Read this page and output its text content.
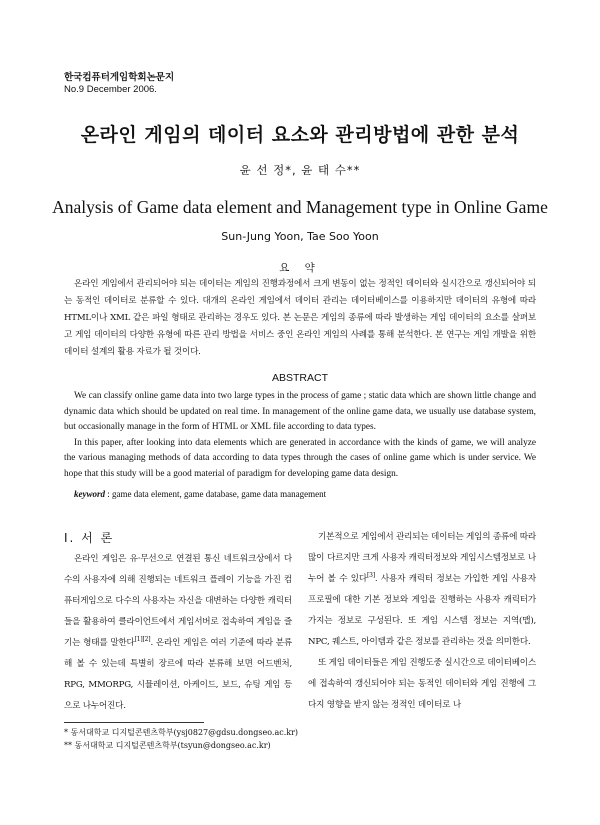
한국컴퓨터게임학회논문지
No.9 December 2006.
온라인 게임의 데이터 요소와 관리방법에 관한 분석
윤 선 정*, 윤 태 수**
Analysis of Game data element and Management type in Online Game
Sun-Jung Yoon, Tae Soo Yoon
요 약
온라인 게임에서 관리되어야 되는 데이터는 게임의 진행과정에서 크게 변동이 없는 정적인 데이터와 실시간으로 갱신되어야 되는 동적인 데이터로 분류할 수 있다. 대개의 온라인 게임에서 데이터 관리는 데이터베이스를 이용하지만 데이터의 유형에 따라 HTML이나 XML 같은 파일 형태로 관리하는 경우도 있다. 본 논문은 게임의 종류에 따라 발생하는 게임 데이터의 요소를 살펴보고 게임 데이터의 다양한 유형에 따른 관리 방법을 서비스 중인 온라인 게임의 사례를 통해 분석한다. 본 연구는 게임 개발을 위한 데이터 설계의 활용 자료가 될 것이다.
ABSTRACT

We can classify online game data into two large types in the process of game ; static data which are shown little change and dynamic data which should be updated on real time. In management of the online game data, we usually use database system, but occasionally manage in the form of HTML or XML file according to data types.

In this paper, after looking into data elements which are generated in accordance with the kinds of game, we will analyze the various managing methods of data according to data types through the cases of online game which is under service. We hope that this study will be a good material of paradigm for developing game data design.

keyword : game data element, game database, game data management
Ⅰ. 서 론

온라인 게임은 유·무선으로 연결된 통신 네트워크상에서 다수의 사용자에 의해 진행되는 네트워크 플레이 기능을 가진 컴퓨터게임으로 다수의 사용자는 자신을 대변하는 다양한 캐릭터들을 활용하여 클라이언트에서 게임서버로 접속하여 게임을 즐기는 형태를 말한다[1][2]. 온라인 게임은 여러 기준에 따라 분류해 볼 수 있는데 특별히 장르에 따라 분류해 보면 어드벤처, RPG, MMORPG, 시뮬레이션, 아케이드, 보드, 슈팅 게임 등으로 나누어진다.

기본적으로 게임에서 관리되는 데이터는 게임의 종류에 따라 많이 다르지만 크게 사용자 캐릭터정보와 게임시스템정보로 나누어 볼 수 있다[3]. 사용자 캐릭터 정보는 가입한 게임 사용자 프로필에 대한 기본 정보와 게임을 진행하는 사용자 캐릭터가 가지는 정보로 구성된다. 또 게임 시스템 정보는 지역(맵), NPC, 퀘스트, 아이템과 같은 정보를 관리하는 것을 의미한다.

또 게임 데이터들은 게임 진행도중 실시간으로 데이터베이스에 접속하여 갱신되어야 되는 동적인 데이터와 게임 진행에 그다지 영향을 받지 않는 정적인 데이터로 나

* 동서대학교 디지털콘텐츠학부(ysj0827@gdsu.dongseo.ac.kr)
** 동서대학교 디지털콘텐츠학부(tsyun@dongseo.ac.kr)
